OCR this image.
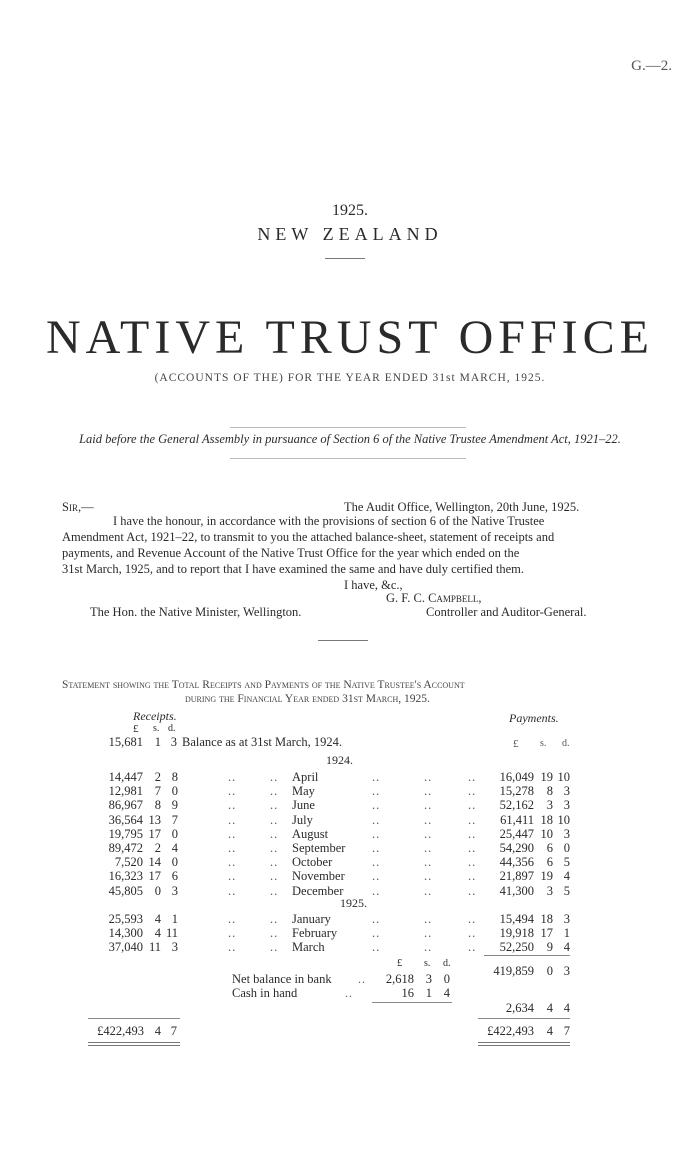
G.—2.
1925.
NEW ZEALAND
NATIVE TRUST OFFICE
(ACCOUNTS OF THE) FOR THE YEAR ENDED 31st MARCH, 1925.
Laid before the General Assembly in pursuance of Section 6 of the Native Trustee Amendment Act, 1921–22.
Sir,—	The Audit Office, Wellington, 20th June, 1925.
I have the honour, in accordance with the provisions of section 6 of the Native Trustee
Amendment Act, 1921–22, to transmit to you the attached balance-sheet, statement of receipts and
payments, and Revenue Account of the Native Trust Office for the year which ended on the
31st March, 1925, and to report that I have examined the same and have duly certified them.
I have, &c.,
G. F. C. Campbell,
The Hon. the Native Minister, Wellington.	Controller and Auditor-General.
Statement showing the Total Receipts and Payments of the Native Trustee's Account
during the Financial Year ended 31st March, 1925.
Receipts.	Payments.
£ s. d.
15,681 1 3 Balance as at 31st March, 1924.	£ s. d.
1924.
14,447 2 8	..	.. April	..	..	..	16,049 19 10
12,981 7 0	..	.. May	..	..	..	15,278	8 3
86,967 8 9	..	.. June	..	..	..	52,162	3 3
36,564 13 7	..	.. July	..	..	..	61,411 18 10
19,795 17 0	..	.. August	..	..	..	25,447 10 3
89,472 2 4	..	.. September ..	..	..	54,290	6 0
7,520 14 0	..	.. October	..	..	..	44,356	6 5
16,323 17 6	..	.. November ..	..	..	21,897 19 4
45,805 0 3	..	.. December ..	..	..	41,300	3 5
25,593 4 1	..	.. January	..	..	..	15,494 18 3
14,300 4 11	..	.. February	..	..	..	19,918 17 1
37,040 11 3	..	.. March	..	..	..	52,250	9 4
1925.
£ s. d.
419,859	0 3
Net balance in bank ..	2,618 3 0
Cash in hand	..	16 1 4
2,634	4 4
£422,493 4 7	£422,493	4 7
